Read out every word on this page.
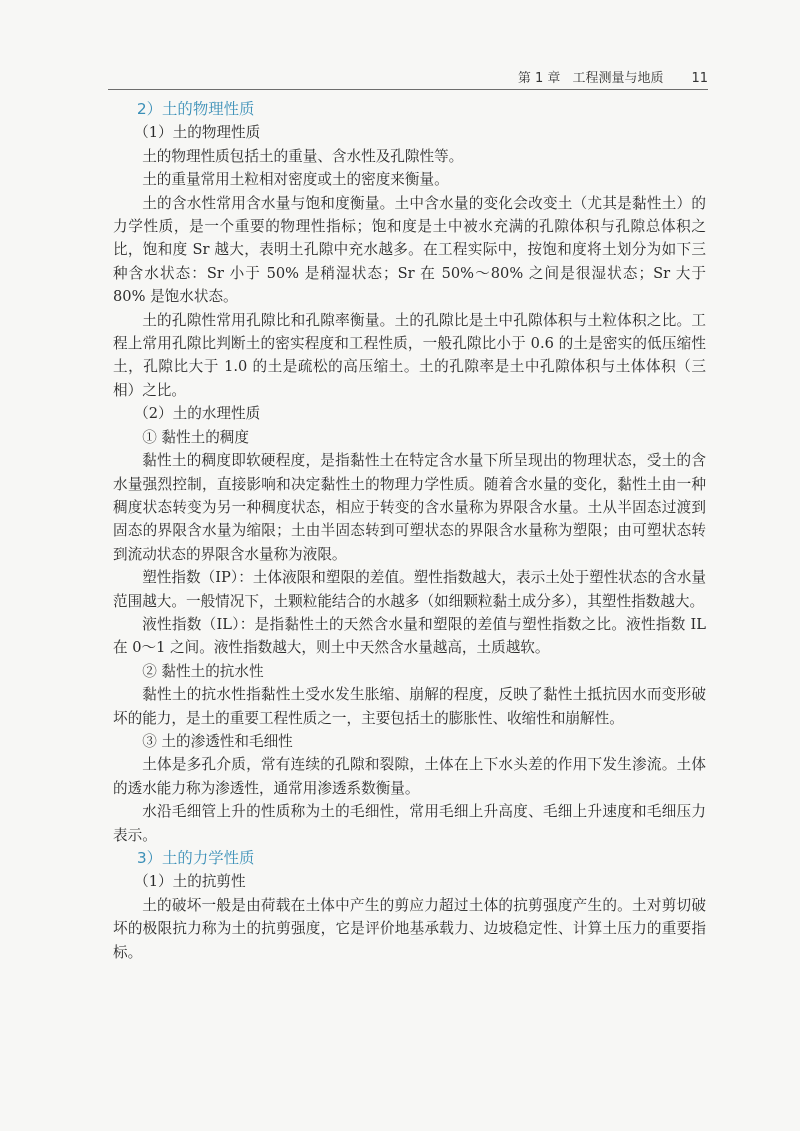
第 1 章 工程测量与地质 11

2）土的物理性质

（1）土的物理性质

土的物理性质包括土的重量、含水性及孔隙性等。

土的重量常用土粒相对密度或土的密度来衡量。

土的含水性常用含水量与饱和度衡量。土中含水量的变化会改变土（尤其是黏性土）的力学性质，是一个重要的物理性指标；饱和度是土中被水充满的孔隙体积与孔隙总体积之比，饱和度 Sr 越大，表明土孔隙中充水越多。在工程实际中，按饱和度将土划分为如下三种含水状态：Sr 小于 50% 是稍湿状态；Sr 在 50%～80% 之间是很湿状态；Sr 大于 80% 是饱水状态。

土的孔隙性常用孔隙比和孔隙率衡量。土的孔隙比是土中孔隙体积与土粒体积之比。工程上常用孔隙比判断土的密实程度和工程性质，一般孔隙比小于 0.6 的土是密实的低压缩性土，孔隙比大于 1.0 的土是疏松的高压缩土。土的孔隙率是土中孔隙体积与土体体积（三相）之比。

（2）土的水理性质

① 黏性土的稠度

黏性土的稠度即软硬程度，是指黏性土在特定含水量下所呈现出的物理状态，受土的含水量强烈控制，直接影响和决定黏性土的物理力学性质。随着含水量的变化，黏性土由一种稠度状态转变为另一种稠度状态，相应于转变的含水量称为界限含水量。土从半固态过渡到固态的界限含水量为缩限；土由半固态转到可塑状态的界限含水量称为塑限；由可塑状态转到流动状态的界限含水量称为液限。

塑性指数（IP）：土体液限和塑限的差值。塑性指数越大，表示土处于塑性状态的含水量范围越大。一般情况下，土颗粒能结合的水越多（如细颗粒黏土成分多），其塑性指数越大。

液性指数（IL）：是指黏性土的天然含水量和塑限的差值与塑性指数之比。液性指数 IL 在 0～1 之间。液性指数越大，则土中天然含水量越高，土质越软。

② 黏性土的抗水性

黏性土的抗水性指黏性土受水发生胀缩、崩解的程度，反映了黏性土抵抗因水而变形破坏的能力，是土的重要工程性质之一，主要包括土的膨胀性、收缩性和崩解性。

③ 土的渗透性和毛细性

土体是多孔介质，常有连续的孔隙和裂隙，土体在上下水头差的作用下发生渗流。土体的透水能力称为渗透性，通常用渗透系数衡量。

水沿毛细管上升的性质称为土的毛细性，常用毛细上升高度、毛细上升速度和毛细压力表示。

3）土的力学性质

（1）土的抗剪性

土的破坏一般是由荷载在土体中产生的剪应力超过土体的抗剪强度产生的。土对剪切破坏的极限抗力称为土的抗剪强度，它是评价地基承载力、边坡稳定性、计算土压力的重要指标。
